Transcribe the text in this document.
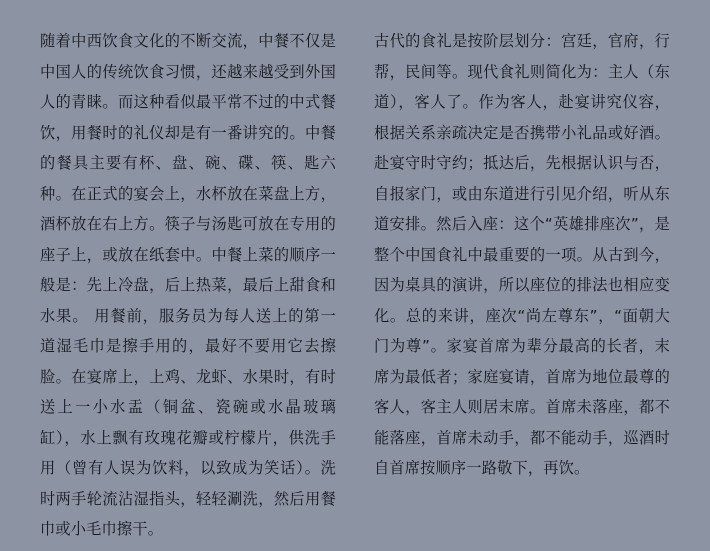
随着中西饮食文化的不断交流，中餐不仅是中国人的传统饮食习惯，还越来越受到外国人的青睐。而这种看似最平常不过的中式餐饮，用餐时的礼仪却是有一番讲究的。中餐的餐具主要有杯、盘、碗、碟、筷、匙六种。在正式的宴会上，水杯放在菜盘上方，酒杯放在右上方。筷子与汤匙可放在专用的座子上，或放在纸套中。中餐上菜的顺序一般是：先上冷盘，后上热菜，最后上甜食和水果。 用餐前，服务员为每人送上的第一道湿毛巾是擦手用的，最好不要用它去擦脸。在宴席上，上鸡、龙虾、水果时，有时送上一小水盂（铜盆、瓷碗或水晶玻璃缸），水上飘有玫瑰花瓣或柠檬片，供洗手用（曾有人误为饮料，以致成为笑话）。洗时两手轮流沾湿指头，轻轻涮洗，然后用餐巾或小毛巾擦干。

古代的食礼是按阶层划分：宫廷，官府，行帮，民间等。现代食礼则简化为：主人（东道），客人了。作为客人，赴宴讲究仪容，根据关系亲疏决定是否携带小礼品或好酒。赴宴守时守约；抵达后，先根据认识与否，自报家门，或由东道进行引见介绍，听从东道安排。然后入座：这个“英雄排座次”，是整个中国食礼中最重要的一项。从古到今，因为桌具的演讲，所以座位的排法也相应变化。总的来讲，座次“尚左尊东”，“面朝大门为尊”。家宴首席为辈分最高的长者，末席为最低者；家庭宴请，首席为地位最尊的客人，客主人则居末席。首席未落座，都不能落座，首席未动手，都不能动手，巡酒时自首席按顺序一路敬下，再饮。
